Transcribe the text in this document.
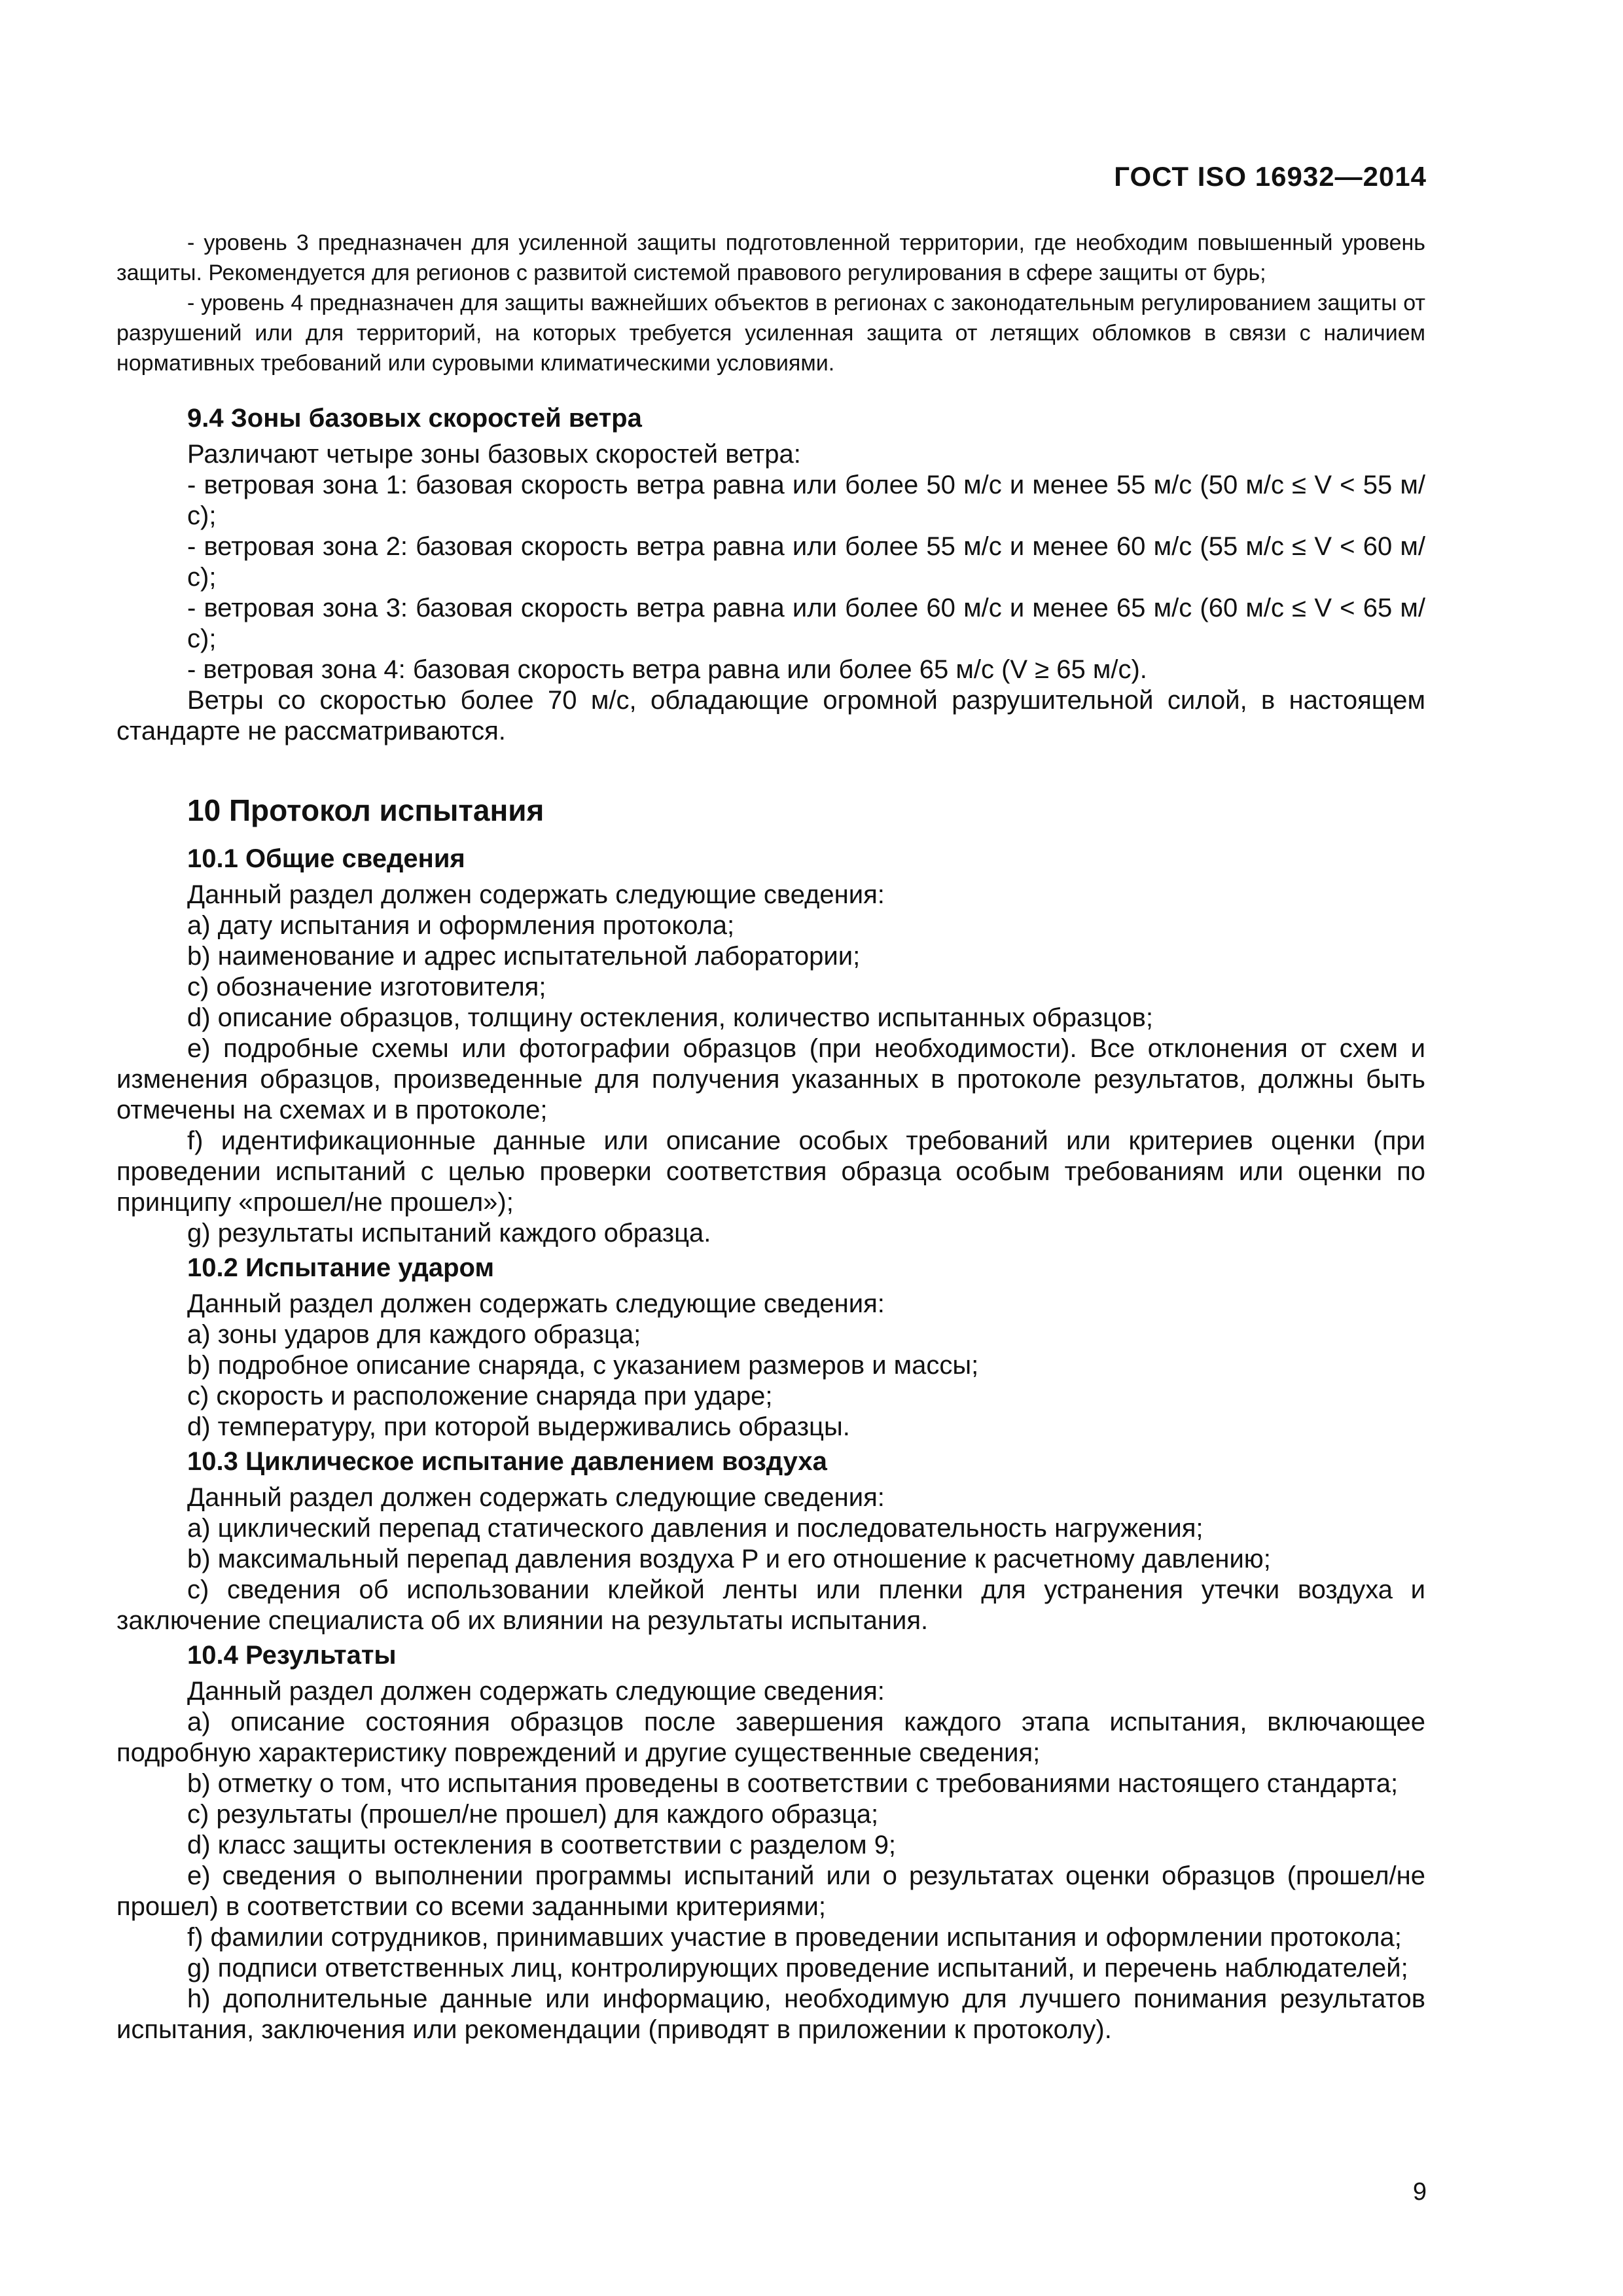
ГОСТ ISO 16932—2014

- уровень 3 предназначен для усиленной защиты подготовленной территории, где необходим повышенный уровень защиты. Рекомендуется для регионов с развитой системой правового регулирования в сфере защиты от бурь;

- уровень 4 предназначен для защиты важнейших объектов в регионах с законодательным регулированием защиты от разрушений или для территорий, на которых требуется усиленная защита от летящих обломков в связи с наличием нормативных требований или суровыми климатическими условиями.

9.4 Зоны базовых скоростей ветра

Различают четыре зоны базовых скоростей ветра:

- ветровая зона 1: базовая скорость ветра равна или более 50 м/с и менее 55 м/с (50 м/с ≤ V < 55 м/с);

- ветровая зона 2: базовая скорость ветра равна или более 55 м/с и менее 60 м/с (55 м/с ≤ V < 60 м/с);

- ветровая зона 3: базовая скорость ветра равна или более 60 м/с и менее 65 м/с (60 м/с ≤ V < 65 м/с);

- ветровая зона 4: базовая скорость ветра равна или более 65 м/с (V ≥ 65 м/с).

Ветры со скоростью более 70 м/с, обладающие огромной разрушительной силой, в настоящем стандарте не рассматриваются.

10 Протокол испытания
10.1 Общие сведения

Данный раздел должен содержать следующие сведения:

a) дату испытания и оформления протокола;

b) наименование и адрес испытательной лаборатории;

c) обозначение изготовителя;

d) описание образцов, толщину остекления, количество испытанных образцов;

e) подробные схемы или фотографии образцов (при необходимости). Все отклонения от схем и изменения образцов, произведенные для получения указанных в протоколе результатов, должны быть отмечены на схемах и в протоколе;

f) идентификационные данные или описание особых требований или критериев оценки (при проведении испытаний с целью проверки соответствия образца особым требованиям или оценки по принципу «прошел/не прошел»);

g) результаты испытаний каждого образца.

10.2 Испытание ударом

Данный раздел должен содержать следующие сведения:

a) зоны ударов для каждого образца;

b) подробное описание снаряда, с указанием размеров и массы;

c) скорость и расположение снаряда при ударе;

d) температуру, при которой выдерживались образцы.

10.3 Циклическое испытание давлением воздуха

Данный раздел должен содержать следующие сведения:

a) циклический перепад статического давления и последовательность нагружения;

b) максимальный перепад давления воздуха P и его отношение к расчетному давлению;

c) сведения об использовании клейкой ленты или пленки для устранения утечки воздуха и заключение специалиста об их влиянии на результаты испытания.

10.4 Результаты

Данный раздел должен содержать следующие сведения:

a) описание состояния образцов после завершения каждого этапа испытания, включающее подробную характеристику повреждений и другие существенные сведения;

b) отметку о том, что испытания проведены в соответствии с требованиями настоящего стандарта;

c) результаты (прошел/не прошел) для каждого образца;

d) класс защиты остекления в соответствии с разделом 9;

e) сведения о выполнении программы испытаний или о результатах оценки образцов (прошел/не прошел) в соответствии со всеми заданными критериями;

f) фамилии сотрудников, принимавших участие в проведении испытания и оформлении протокола;

g) подписи ответственных лиц, контролирующих проведение испытаний, и перечень наблюдателей;

h) дополнительные данные или информацию, необходимую для лучшего понимания результатов испытания, заключения или рекомендации (приводят в приложении к протоколу).

9
